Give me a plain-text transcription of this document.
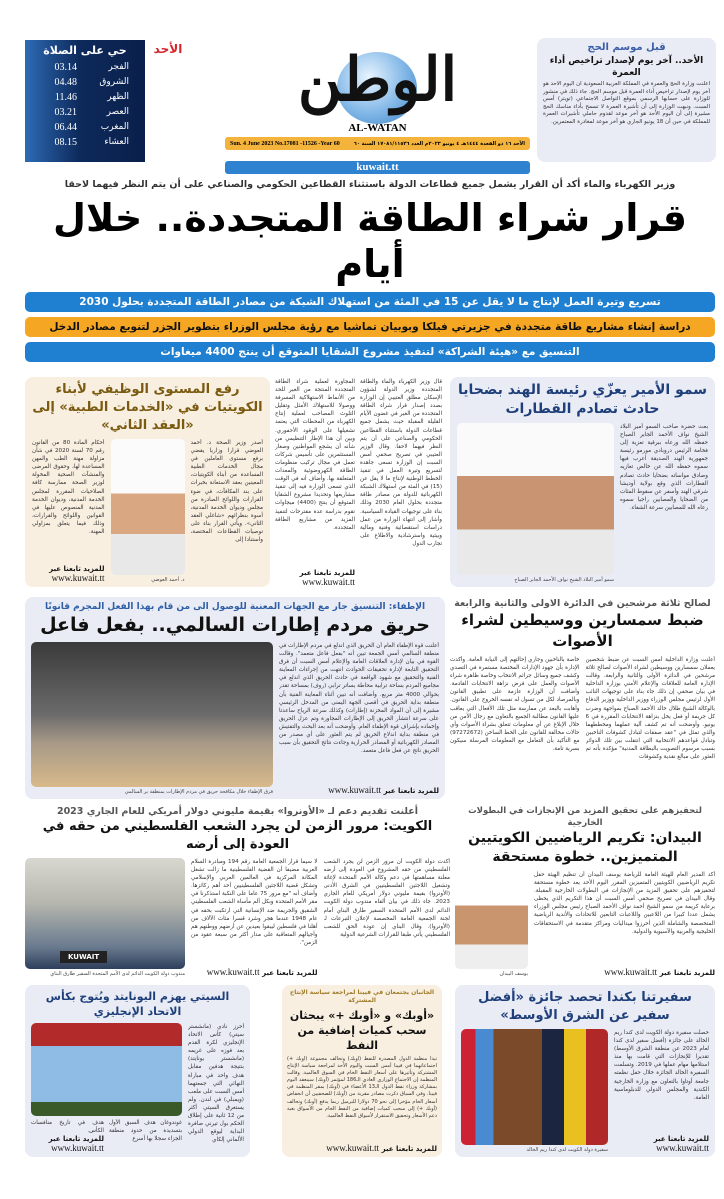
قبل موسم الحج
الأحد.. آخر يوم لإصدار تراخيص أداء العمرة
أعلنت وزارة الحج والعمرة في المملكة العربية السعودية أن اليوم الأحد هو آخر يوم لإصدار تراخيص أداء العمرة قبل موسم الحج. جاء ذلك في منشور للوزارة على حسابها الرسمي بموقع التواصل الاجتماعي (تويتر) أمس السبت. ونبهت الوزارة إلى أن تأشيرة العمرة لا تسمح بأداء مناسك الحج مشيرة إلى أن اليوم الأحد هو آخر موعد لقدوم حاملي تأشيرات العمرة للمملكة في حين أن 18 يونيو الجاري هو آخر موعد لمغادرة المعتمرين.
الوطن
AL-WATAN
الأحد ١٦ ذو القعدة ١٤٤٤هـ ٤ يونيو ٢٠٢٣م العدد ١٧٠٨١/١١٥٢٦ السنة ٦٠
Sun. 4 June 2023 No.17081 -11526 -Year 60
kuwait.tt
الأحد
حي على الصلاة
الفجر
03.14
الشروق
04.48
الظهر
11.46
العصر
03.21
المغرب
06.44
العشاء
08.15
وزير الكهرباء والماء أكد أن القرار يشمل جميع قطاعات الدولة باستثناء القطاعين الحكومي والصناعي على أن يتم النظر فيهما لاحقا
قرار شراء الطاقة المتجددة.. خلال أيام
تسريع وتيرة العمل لإنتاج ما لا يقل عن 15 في المئة من استهلاك الشبكة من مصادر الطاقة المتجددة بحلول 2030
دراسة إنشاء مشاريع طاقة متجددة في جزيرتي فيلكا وبوبيان تماشيا مع رؤية مجلس الوزراء بتطوير الجزر لتنويع مصادر الدخل
التنسيق مع «هيئة الشراكة» لتنفيذ مشروع الشقايا المتوقع أن ينتج 4400 ميغاوات
رفع المستوى الوظيفي لأبناء الكويتيات في «الخدمات الطبية» إلى «العقد الثاني»
أصدر وزير الصحة د. أحمد العوضي قرارا وزاريا يقضي برفع مستوى العاملين في مجال الخدمات الطبية المساعدة من أبناء الكويتيات، المعينين بعقد الاستعانة بخبرات على بند المكافآت، في ضوء القرارات واللوائح الصادرة من مجلس وديوان الخدمة المدنية، أسوة بنظرائهم «شاغلي العقد الثاني». ويأتي القرار بناء على توصيات القطاعات المختصة، واستنادا إلى
د. أحمد العوضي
أحكام المادة 80 من القانون رقم 70 لسنة 2020 في شأن مزاولة مهنة الطب والمهن المساعدة لها، وحقوق المرضى والمنشآت الصحية المخولة لوزير الصحة ممارسة كافة الصلاحيات المقررة لمجلس الخدمة المدنية، وديوان الخدمة المدنية المنصوص عليها في القوانين واللوائح والقرارات، وذلك فيما يتعلق بمزاولي المهنة.
للمزيد تابعنا عبر www.kuwait.tt
المجاورة لعملية شراء الطاقة المتجددة المنتجة من الغير للحد من الأنماط الاستهلاكية المسرفة ووصولا للاستهلاك الأمثل وتقليل التلوث المصاحب لعملية إنتاج الكهرباء من المحطات التي يعتمد تشغيلها على الوقود الأحفوري. وبين أن هذا الإطار التنظيمي من شأنه أن يشجع المواطنين وصغار المستثمرين على تأسيس شركات تعمل في مجال تركيب منظومات الطاقة الكهروضوئية والمعدات المتعلقة بها. وأضاف أنه في الوقت الذي تسعى الوزارة فيه إلى تنفيذ مشاريعها وتحديدا مشروع الشقايا المتوقع أن ينتج (4400) ميجاوات تقوم بدراسة عدة مقترحات لتنفيذ المزيد من مشاريع الطاقة المتجددة.
للمزيد تابعنا عبر
www.kuwait.tt
قال وزير الكهرباء والماء والطاقة المتجددة وزير الدولة لشؤون الإسكان مطلق العتيبي إن الوزارة بصدد إصدار قرار شراء الطاقة المتجددة من الغير في غضون الأيام القليلة المقبلة حيث يشمل جميع قطاعات الدولة باستثناء القطاعين الحكومي والصناعي على أن يتم النظر فيهما لاحقا. وقال الوزير العتيبي في تصريح صحفي أمس السبت إن الوزارة تسعى جاهدة لتسريع وتيرة العمل في تنفيذ الخطط الوطنية لإنتاج ما لا يقل عن (15) في المئة من استهلاك الشبكة الكهربائية للدولة من مصادر طاقة متجددة بحلول العام 2030 وذلك بناء على توجيهات القيادة السياسية. وأشار إلى انتهاء الوزارة من عمل دراسات استقصائية وفنية ومالية وبيئية واسترشادية والاطلاع على تجارب الدول
سمو الأمير يعزّي رئيسة الهند بضحايا حادث تصادم القطارات
بعث حضرة صاحب السمو أمير البلاد الشيخ نواف الأحمد الجابر الصباح حفظه الله ورعاه ببرقية تعزية إلى فخامة الرئيس دروبادي مورمو رئيسة جمهورية الهند الصديقة أعرب فيها سموه حفظه الله عن خالص تعازيه وصادق مواساته بضحايا حادث تصادم القطارات الذي وقع بولاية أوديشا شرقي الهند وأسفر عن سقوط المئات من الضحايا والمصابين راجيا سموه رعاه الله للمصابين سرعة الشفاء.
سمو أمير البلاد الشيخ نواف الأحمد الجابر الصباح
الإطفاء: التنسيق جار مع الجهات المعنية للوصول الى من قام بهذا الفعل المجرم قانونًا
حريق مردم إطارات السالمي.. بفعل فاعل
أعلنت قوة الإطفاء العام أن الحريق الذي اندلع في مردم الإطارات في منطقة السالمي أمس الجمعة تبين أنه "بفعل فاعل متعمد". وقالت القوة في بيان لإدارة العلاقات العامة والإعلام أمس السبت أن فرق التحقيق التابعة لإدارة تحقيقات الحوادث انتهت من إجراءات المعاينة الفنية والتحقيق مع شهود الواقعة في حادث الحريق الذي اندلع في مجاميع المردم بساحة ترابية محاطة بساتر ترابي (روف) بمساحة تقدر بحوالي 4000 متر مربع. وأضافت أنه تبين أثناء المعاينة الفنية بأن منطقة بداية الحريق في أقصى الجهة اليمنى من المدخل الرئيسي مشيرة إلى أن المواد المخزنة (إطارات) وكذلك سرعة الرياح ساعدتا على سرعة انتشار الحريق إلى الإطارات المجاورة وتم عزل الحريق وإخماده بإشراف قوة الإطفاء العام. وأوضحت أنه بعد البحث والتفتيش في منطقة بداية اندلاع الحريق لم يتم العثور على أي مصدر من المصادر الكهربائية أو المصادر الحرارية وجاءت نتائج التحقيق بأن سبب الحريق ناتج عن فعل فاعل متعمد.
للمزيد تابعنا عبر www.kuwait.tt
فرق الإطفاء خلال مكافحة حريق في مردم الإطارات بمنطقة بر السالمي
لصالح ثلاثة مرشحين في الدائرة الاولى والثانية والرابعة
ضبط سمسارين ووسيطين لشراء الأصوات
أعلنت وزارة الداخلية أمس السبت عن ضبط شخصين يعملان سمسارين ووسيطين لشراء الأصوات لصالح ثلاثة مرشحين في الدائرة الأولى والثانية والرابعة. وقالت الإدارة العامة للعلاقات والإعلام الأمني بوزارة الداخلية في بيان صحفي إن ذلك جاء بناء على توجيهات النائب الأول لرئيس مجلس الوزراء ووزير الداخلية ووزير الدفاع بالوكالة الشيخ طلال خالد الأحمد الصباح بمواجهة وضرب كل جريمة أو فعل يخل بنزاهة الانتخابات المقررة في 6 يونيو. وأوضحت أنه تم كشف آلية عملهما ومخططهما والذي تمثل في "عقد صفقات لتبادل كشوفات الناخبين وتبادل قواعدهم الانتخابية التي انتقلت بين تلك الدوائر بسبب مرسوم التصويت بالبطاقة المدنية" مؤكدة بأنه تم العثور على مبالغ نقدية وكشوفات
خاصة بالناخبين وجاري إحالتهم إلى النيابة العامة. وأكدت الإدارة بأن جهود الإدارات المختصة مستمرة في التصدي وكشف جميع وسائل جرائم الانتخاب وخاصة ظاهرة شراء الأصوات والعمل على فرض نزاهة الانتخابات القادمة. وأضافت أن الوزارة عازمة على تطبيق القانون وبالمرصاد لكل من تسول له نفسه الخروج على القانون. وأهابت بالبعد عن ممارسة مثل تلك الأفعال التي يعاقب عليها القانون مطالبة الجميع بالتعاون مع رجال الأمن من خلال الإبلاغ عن أي معلومات تتعلق بشراء الأصوات وأي حالات مخالفة للقانون على الخط الساخن (97272672) مع التأكيد بأن التعامل مع المعلومات المرسلة سيكون بسرية تامة.
أعلنت تقديم دعم لـ «الأونروا» بقيمة مليوني دولار أمريكي للعام الجاري 2023
الكويت: مرور الزمن لن يجرد الشعب الفلسطيني من حقه في العودة إلى أرضه
أكدت دولة الكويت أن مرور الزمن لن يجرد الشعب الفلسطيني من حقه المشروع في العودة إلى أرضه معلنة مساهمتها في دعم وكالة الأمم المتحدة لإغاثة وتشغيل اللاجئين الفلسطينيين في الشرق الأدنى (الأونروا) بقيمة مليوني دولار أمريكي للعام الجاري 2023. جاء ذلك في بيان ألقاه مندوب دولة الكويت الدائم لدى الأمم المتحدة السفير طارق البناي أمام لجنة الجمعية العامة المخصصة لإعلان التبرعات لـ (الأونروا). وقال البناي إن عودة الحق للشعب الفلسطيني يأتي طبقا للقرارات الشرعية الدولية
لا سيما قرار الجمعية العامة رقم 194 ومبادرة السلام العربية مضيفا أن القضية الفلسطينية ما زالت تشغل المكانة المركزية في العالمين العربي والإسلامي وتشكل قضية اللاجئين الفلسطينيين أحد أهم ركائزها. وأضاف أنه "مع مرور 75 عاما على النكبة استذكرنا في مقر الأمم المتحدة وبكل ألم مأساة الشعب الفلسطيني الشقيق والجريمة ضد الإنسانية التي ارتكبت بحقه في عام 1948 عندما هجر وشرد قسرا مئات الآلاف من أهلنا في فلسطين ليبقوا بعيدين عن أرضهم ووطنهم هم وأجيالهم المتعاقبة على مدار أكثر من سبعة عقود من الزمن".
للمزيد تابعنا عبر www.kuwait.tt
KUWAIT
مندوب دولة الكويت الدائم لدى الأمم المتحدة السفير طارق البناي
لتحفيزهم على تحقيق المزيد من الإنجازات في البطولات الخارجية
البيدان: تكريم الرياضيين الكويتيين المتميزين.. خطوة مستحقة
أكد المدير العام للهيئة العامة للرياضة يوسف البيدان أن تنظيم الهيئة حفل تكريم الرياضيين الكويتيين المتميزين المقرر اليوم الأحد يعد خطوة مستحقة لتحفيزهم على تحقيق المزيد من الإنجازات في البطولات الخارجية المقبلة. وقال البيدان في تصريح صحفي أمس السبت أن هذا التكريم الذي يحظى برعاية كريمة من سمو الشيخ أحمد نواف الأحمد الصباح رئيس مجلس الوزراء يشمل عددا كبيرا من اللاعبين واللاعبات التابعين للاتحادات والأندية الرياضية المتخصصة والشاملة الذين أحرزوا ميداليات ومراكز متقدمة في الاستحقاقات الخليجية والعربية والآسيوية والدولية.
للمزيد تابعنا عبر www.kuwait.tt
يوسف البيدان
السيتي يهزم اليونايتد ويُتوج بكأس الاتحاد الإنجليزي
أحرز نادي (مانشستر سيتي) كأس الاتحاد الإنجليزي لكرة القدم بعد فوزه على غريمه (مانشستر يونايتد) بنتيجة هدفين مقابل هدف واحد في مباراة النهائي التي جمعتهما أمس السبت على ملعب (ويمبلي) في لندن. ولم يستغرق السيتي أكثر من 12 ثانية على إطلاق الحكم بول تيرني صافرة البداية ليوقع الدولي الألماني إلكاي
غوندوغان هدف السبق الأول بتسديدة من حدود منطقة الجزاء سجلا بها أسرع
هدف في تاريخ منافسات الكأس.
للمزيد تابعنا عبر
www.kuwait.tt
الجانبان يجتمعان في فيينا لمراجعة سياسة الإنتاج المشتركة
«أوبك» و «أوبك +» يبحثان سحب كميات إضافية من النفط
تبدأ منظمة الدول المصدرة للنفط (أوبك) وتحالف مجموعة (أوبك +) اجتماعاتهما في فيينا أمس السبت واليوم الأحد لمراجعة سياسة الإنتاج المشتركة وتأثيرها على أسعار النفط الخام في السوق العالمية. وقالت المنظمة إن الاجتماع الوزاري العادي الـ186 لمؤتمر (أوبك) سينعقد اليوم بمشاركة وزراء نفط الدول الـ13 الأعضاء في (أوبك) بمقر المنظمة في فيينا. وفي السياق ذكرت مصادر مقربة من (أوبك) للصحفيين أن انخفاض أسعار الخام مؤخرا إلى نحو 70 دولارا للبرميل ربما يدفع (أوبك) وتحالف (أوبك +) إلى سحب كميات إضافية من النفط الخام من الأسواق بغية دعم الأسعار وتحقيق الاستقرار لأسواق النفط العالمية.
للمزيد تابعنا عبر www.kuwait.tt
سفيرتنا بكندا تحصد جائزة «أفضل سفير عن الشرق الأوسط»
حصلت سفيرة دولة الكويت لدى كندا ريم الخالد على جائزة (أفضل سفير لدى كندا لعام 2023 عن منطقة الشرق الأوسط) تقديرا للإنجازات التي قامت بها منذ استلامها مهام عملها في 2019. وتسلمت السفيرة الخالد الجائزة خلال حفل نظمته جامعة أوتاوا بالتعاون مع وزارة الخارجية الكندية والمجلس الدولي للدبلوماسية العامة.
للمزيد تابعنا عبر
www.kuwait.tt
سفيرة دولة الكويت لدى كندا ريم الخالد
